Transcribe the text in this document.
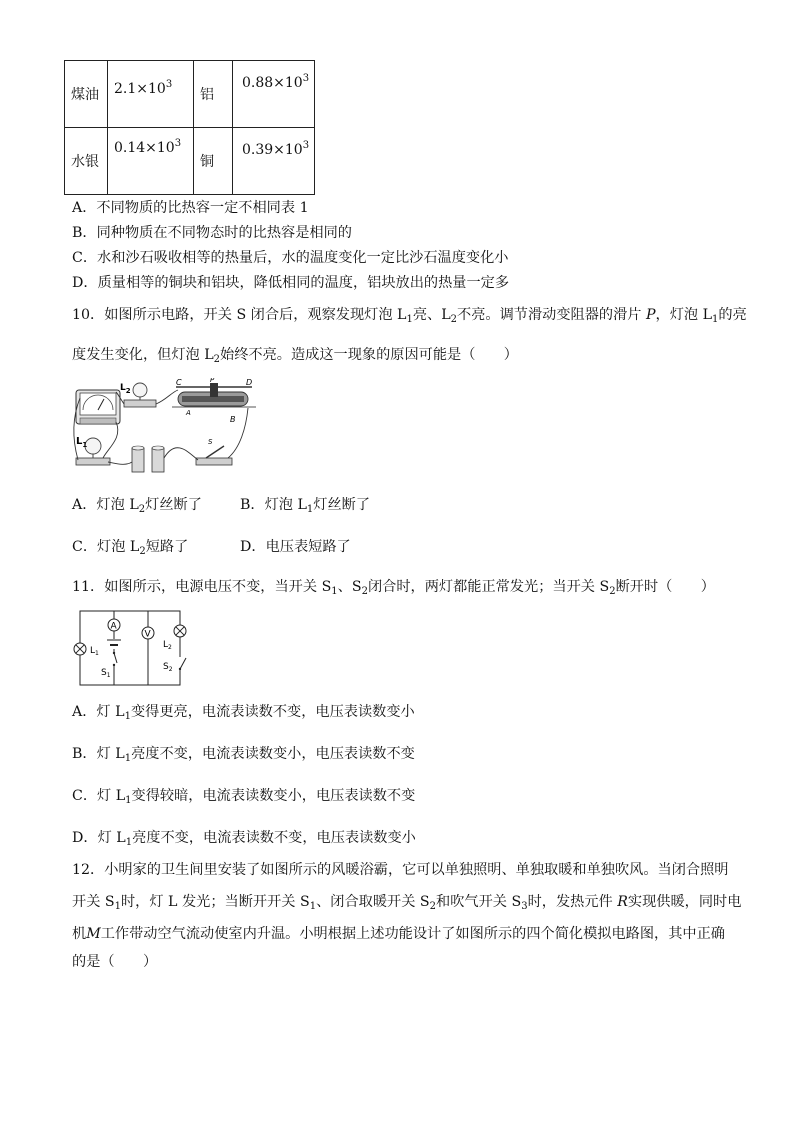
煤油	$2.1\times 10^3$	铝	$0.88\times 10^3$
水银	$0.14\times 10^3$	铜	$0.39\times 10^3$
A．不同物质的比热容一定不相同表 1
B．同种物质在不同物态时的比热容是相同的
C．水和沙石吸收相等的热量后，水的温度变化一定比沙石温度变化小
D．质量相等的铜块和铝块，降低相同的温度，铝块放出的热量一定多
10．如图所示电路，开关 S 闭合后，观察发现灯泡 $L_1$亮、$L_2$不亮。调节滑动变阻器的滑片 P，灯泡 $L_1$的亮
度发生变化，但灯泡 $L_2$始终不亮。造成这一现象的原因可能是（　　）
$L_2$
C	P	D
A
B
$L_1$	S
A．灯泡 $L_2$灯丝断了	B．灯泡 $L_1$灯丝断了
C．灯泡 $L_2$短路了	D．电压表短路了
11．如图所示，电源电压不变，当开关 $S_1$、$S_2$闭合时，两灯都能正常发光；当开关 $S_2$断开时（　　）
$L_1$
A
$S_1$
V
$L_2$
$S_2$
A．灯 $L_1$变得更亮，电流表读数不变，电压表读数变小
B．灯 $L_1$亮度不变，电流表读数变小，电压表读数不变
C．灯 $L_1$变得较暗，电流表读数变小，电压表读数不变
D．灯 $L_1$亮度不变，电流表读数不变，电压表读数变小
12．小明家的卫生间里安装了如图所示的风暖浴霸，它可以单独照明、单独取暖和单独吹风。当闭合照明
开关 $S_1$时，灯 L 发光；当断开开关 $S_1$、闭合取暖开关 $S_2$和吹气开关 $S_3$时，发热元件 R实现供暖，同时电
机M工作带动空气流动使室内升温。小明根据上述功能设计了如图所示的四个简化模拟电路图，其中正确
的是（　　）
